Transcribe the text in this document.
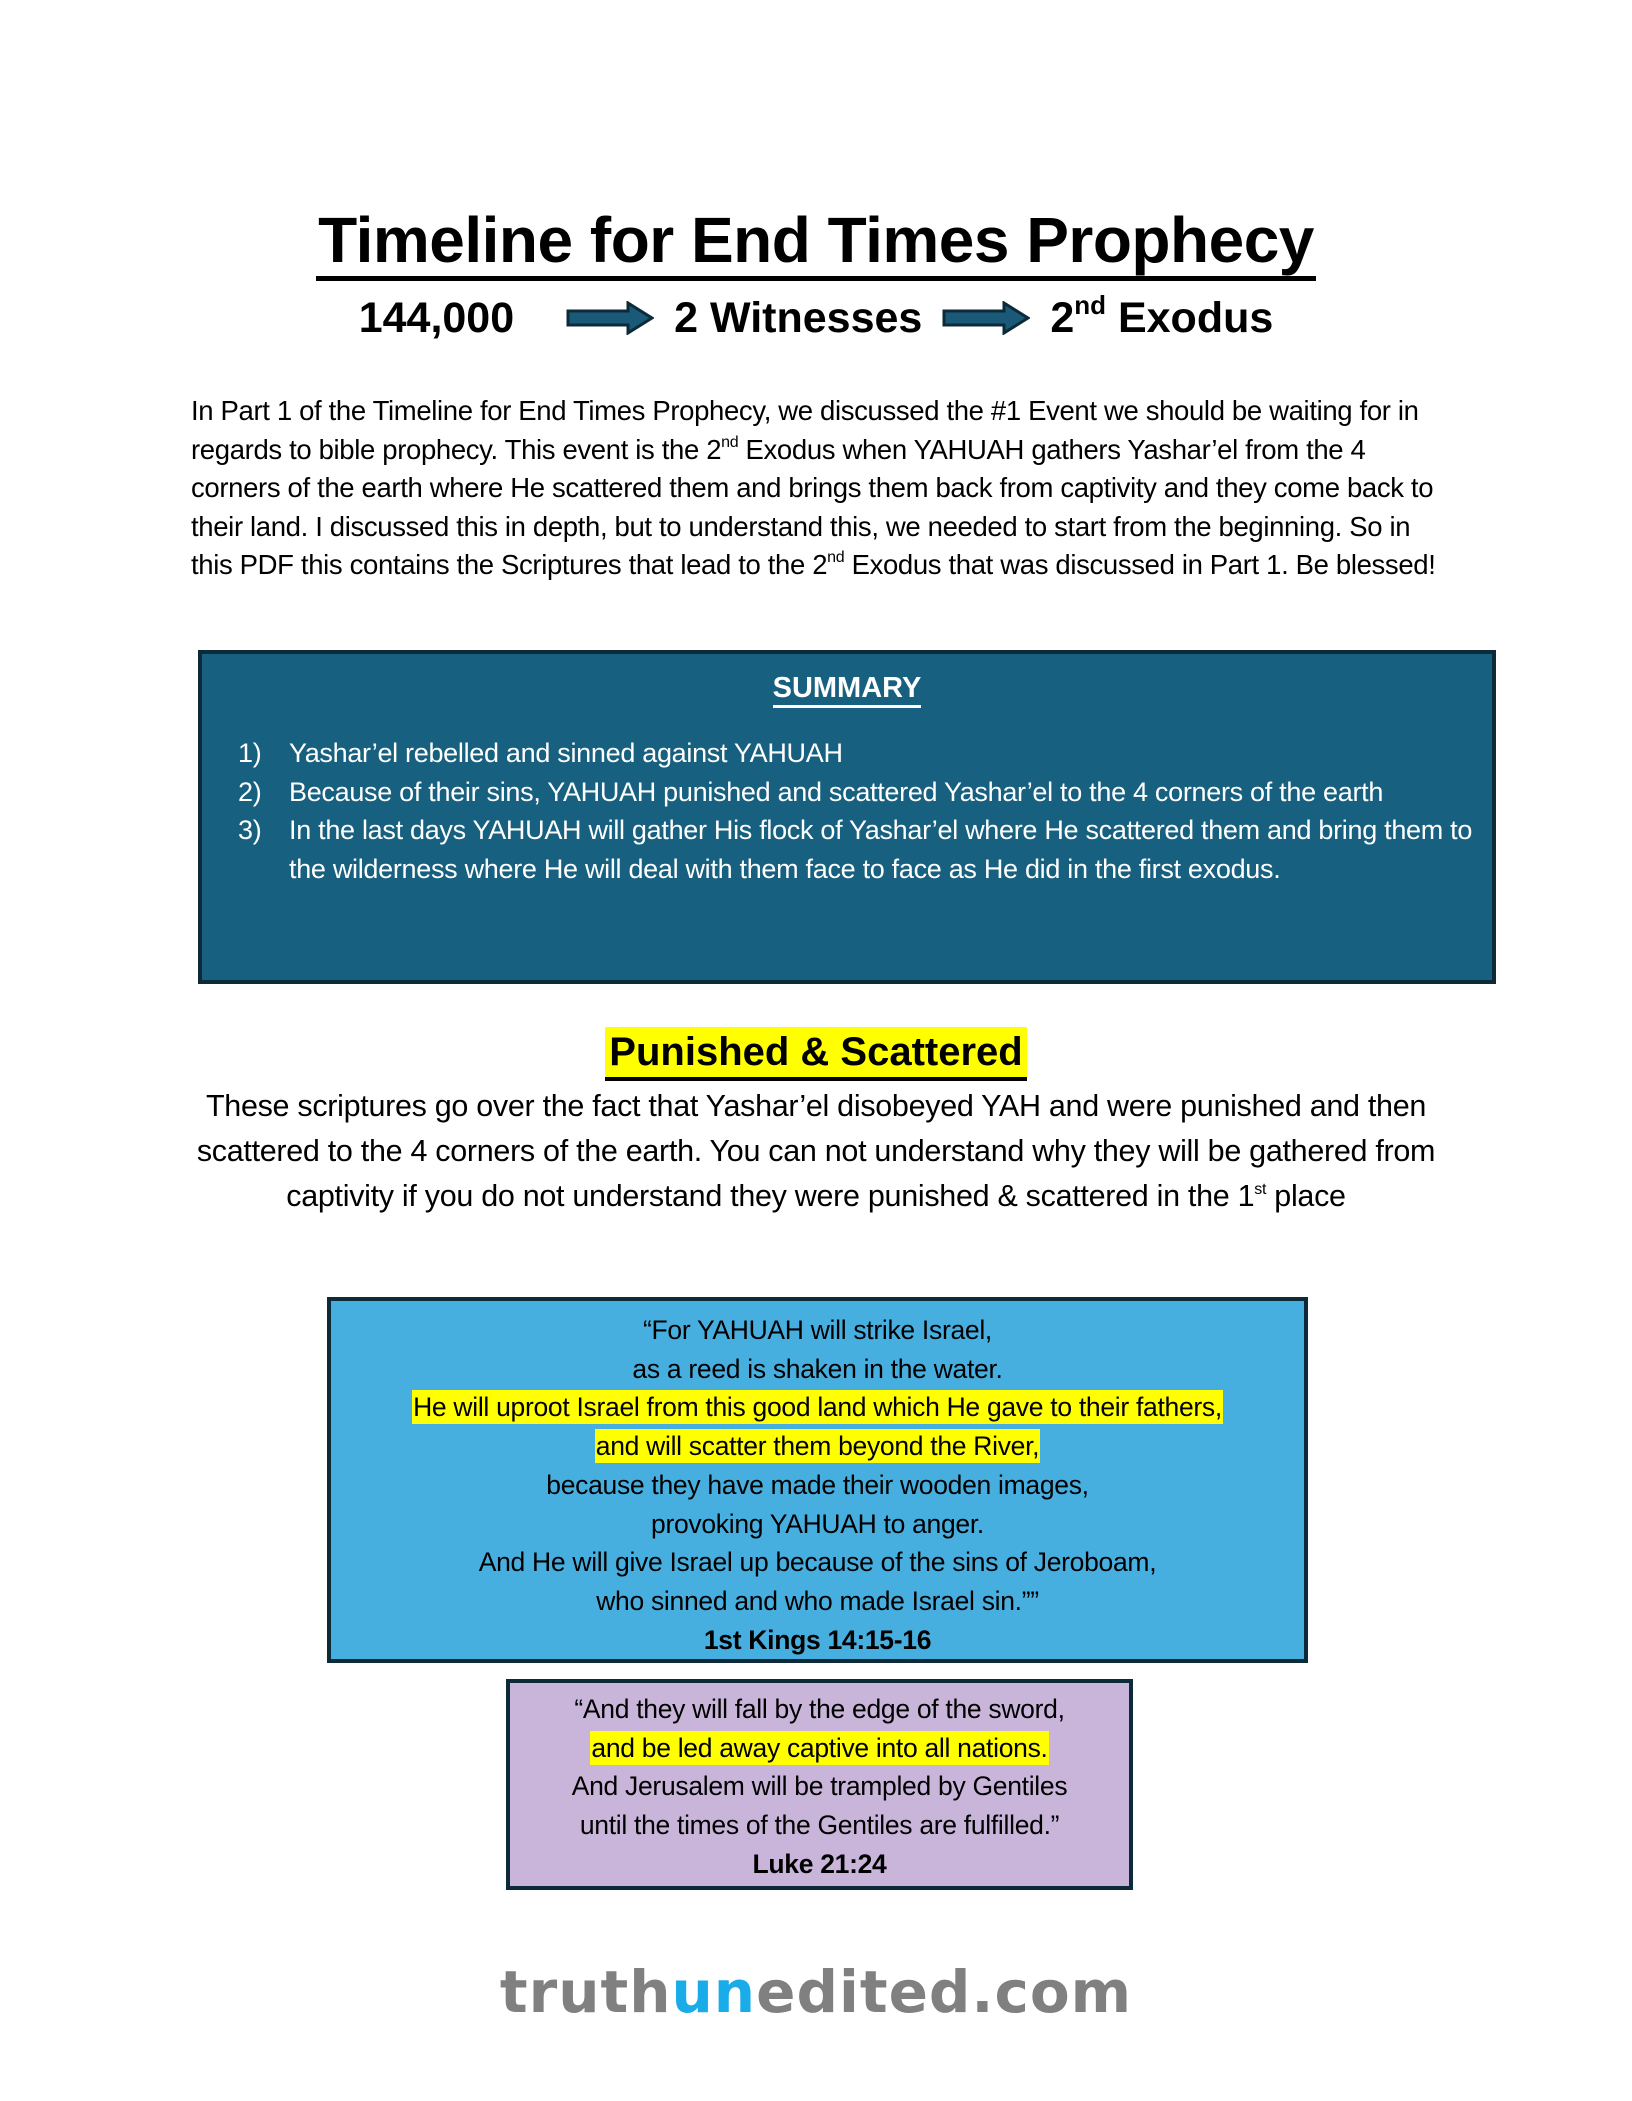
Timeline for End Times Prophecy
144,000	2 Witnesses	2nd Exodus
In Part 1 of the Timeline for End Times Prophecy, we discussed the #1 Event we should be waiting for in regards to bible prophecy. This event is the 2nd Exodus when YAHUAH gathers Yashar’el from the 4 corners of the earth where He scattered them and brings them back from captivity and they come back to their land. I discussed this in depth, but to understand this, we needed to start from the beginning. So in this PDF this contains the Scriptures that lead to the 2nd Exodus that was discussed in Part 1. Be blessed!
SUMMARY
1)	Yashar’el rebelled and sinned against YAHUAH
2)	Because of their sins, YAHUAH punished and scattered Yashar’el to the 4 corners of the earth
3)	In the last days YAHUAH will gather His flock of Yashar’el where He scattered them and bring them to the wilderness where He will deal with them face to face as He did in the first exodus.
Punished & Scattered
These scriptures go over the fact that Yashar’el disobeyed YAH and were punished and then scattered to the 4 corners of the earth. You can not understand why they will be gathered from captivity if you do not understand they were punished & scattered in the 1st place
“For YAHUAH will strike Israel,
as a reed is shaken in the water.
He will uproot Israel from this good land which He gave to their fathers,
and will scatter them beyond the River,
because they have made their wooden images,
provoking YAHUAH to anger.
And He will give Israel up because of the sins of Jeroboam,
who sinned and who made Israel sin.””
1st Kings 14:15-16
“And they will fall by the edge of the sword,
and be led away captive into all nations.
And Jerusalem will be trampled by Gentiles
until the times of the Gentiles are fulfilled.”
Luke 21:24
truthunedited.com
